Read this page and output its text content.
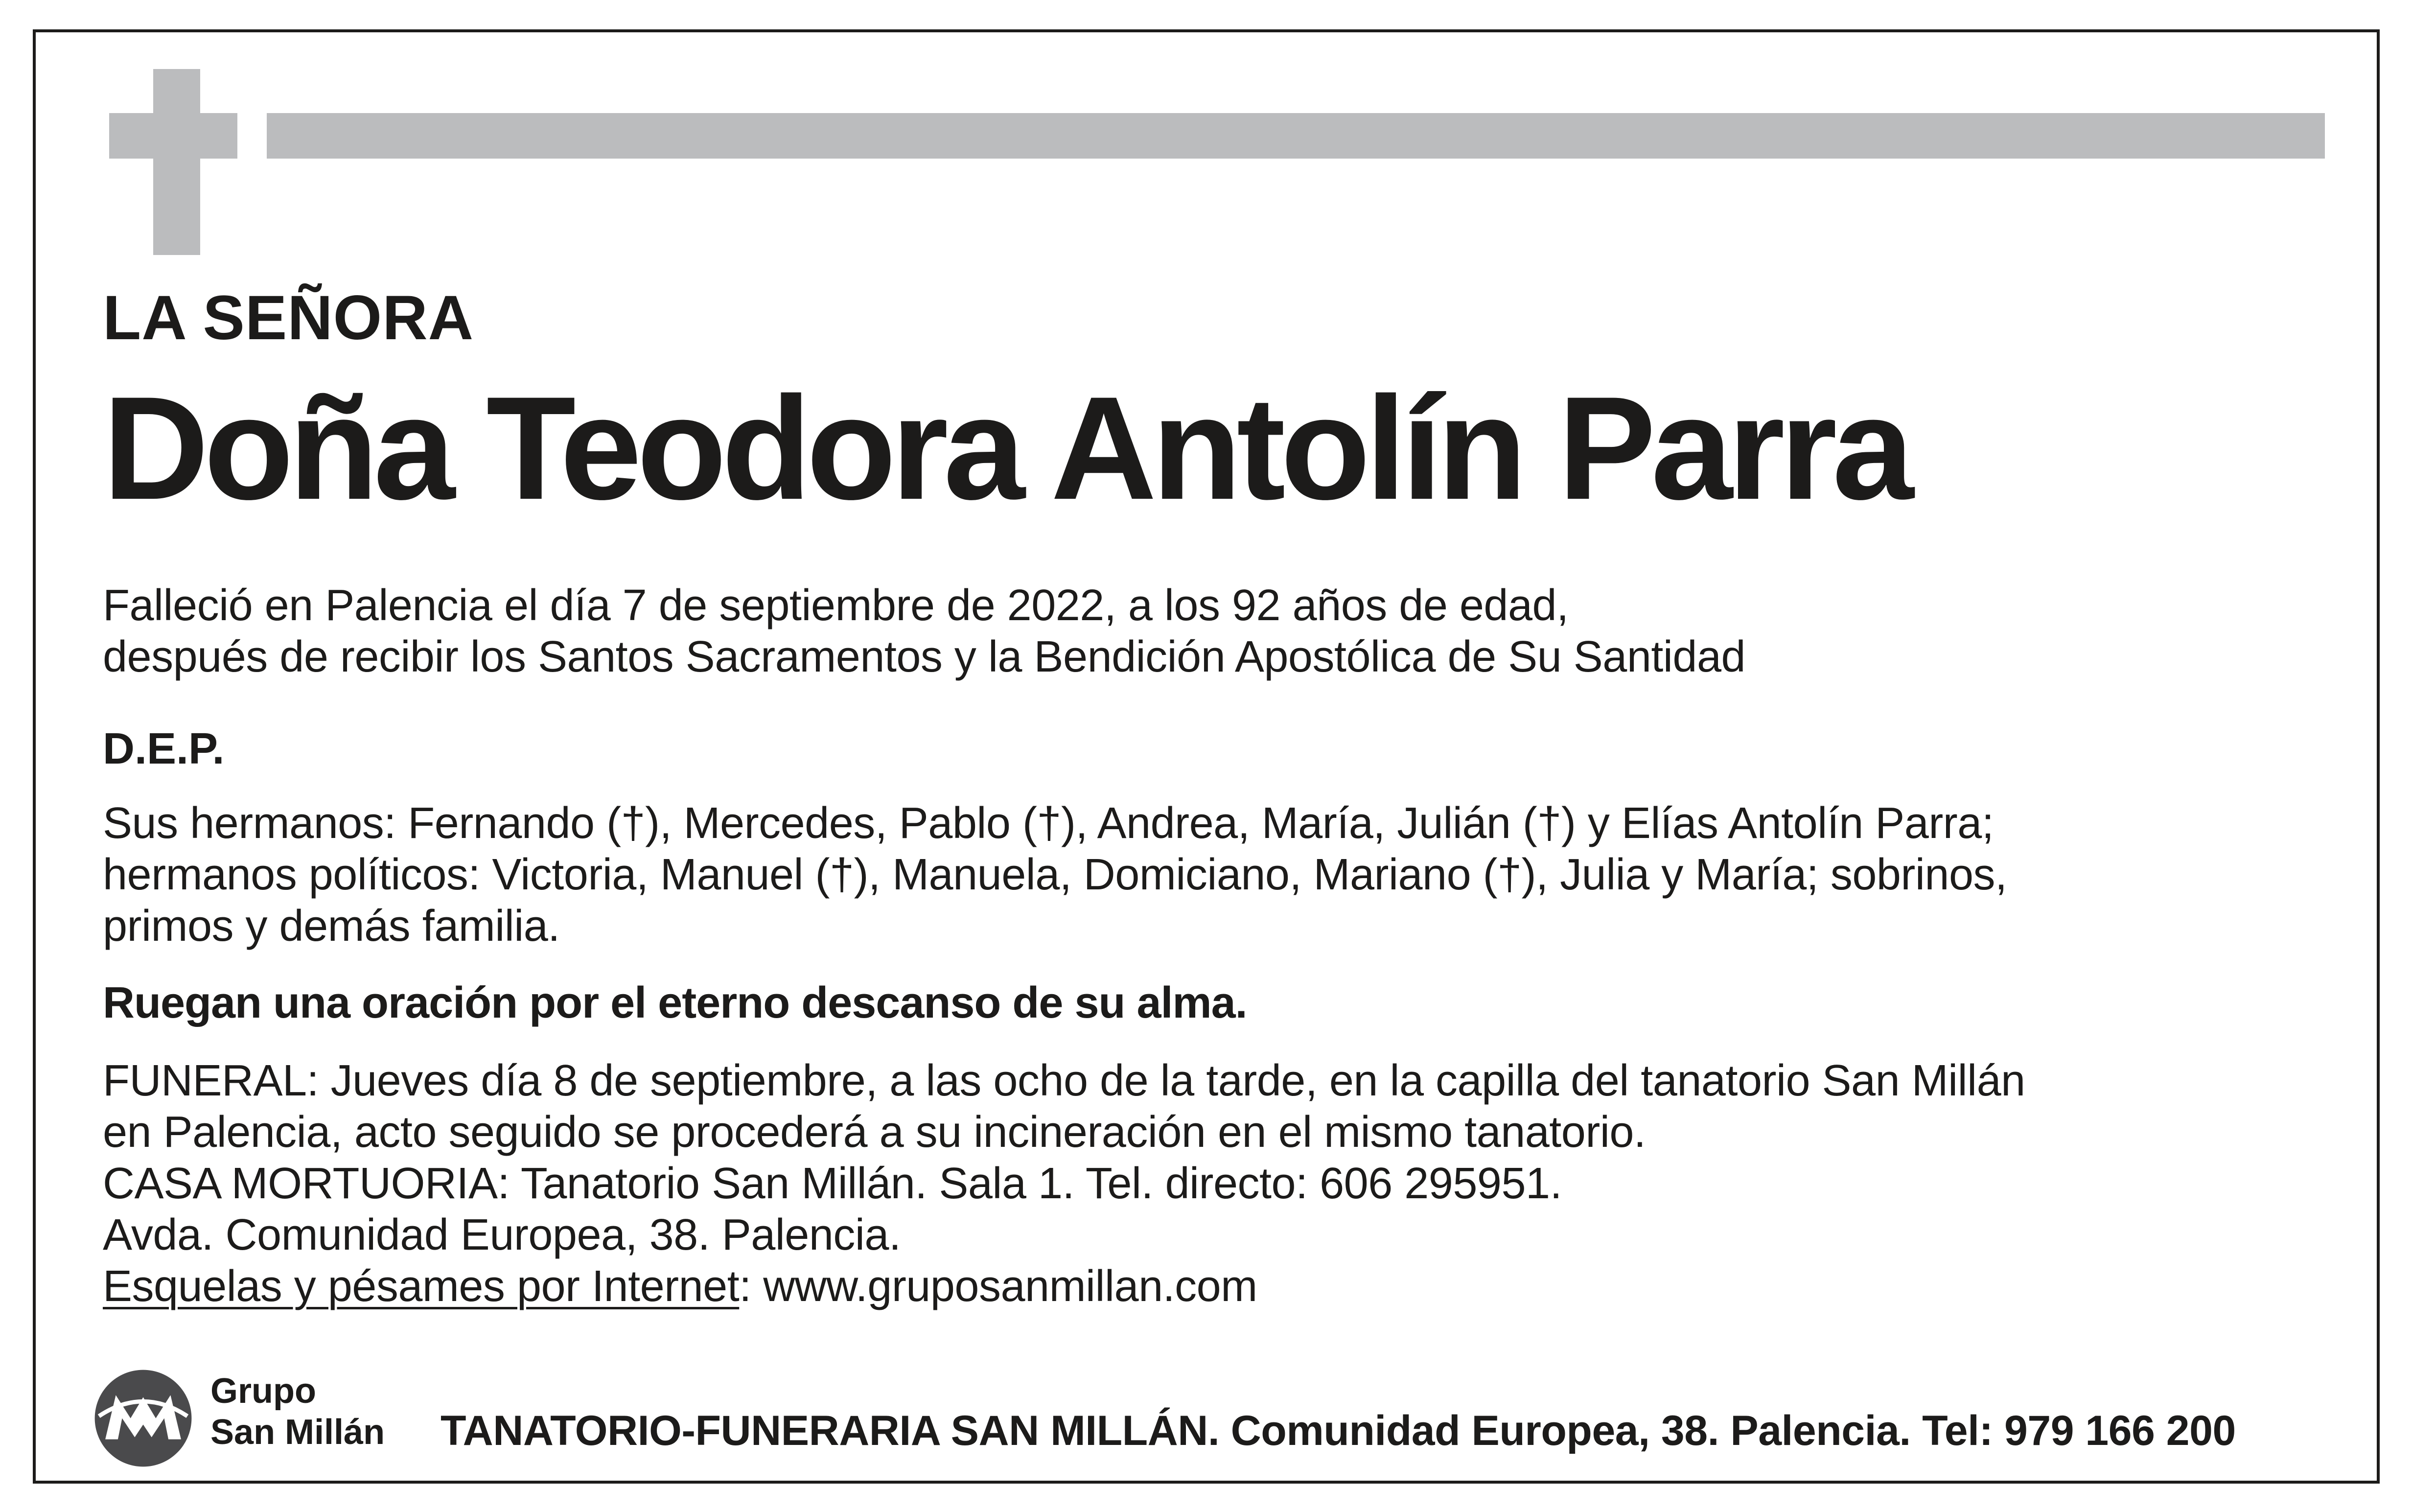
LA SEÑORA

Doña Teodora Antolín Parra

Falleció en Palencia el día 7 de septiembre de 2022, a los 92 años de edad,
después de recibir los Santos Sacramentos y la Bendición Apostólica de Su Santidad

D.E.P.

Sus hermanos: Fernando (†), Mercedes, Pablo (†), Andrea, María, Julián (†) y Elías Antolín Parra;
hermanos políticos: Victoria, Manuel (†), Manuela, Domiciano, Mariano (†), Julia y María; sobrinos,
primos y demás familia.

Ruegan una oración por el eterno descanso de su alma.

FUNERAL: Jueves día 8 de septiembre, a las ocho de la tarde, en la capilla del tanatorio San Millán
en Palencia, acto seguido se procederá a su incineración en el mismo tanatorio.
CASA MORTUORIA: Tanatorio San Millán. Sala 1. Tel. directo: 606 295951.
Avda. Comunidad Europea, 38. Palencia.
Esquelas y pésames por Internet: www.gruposanmillan.com

Grupo
San Millán TANATORIO-FUNERARIA SAN MILLÁN. Comunidad Europea, 38. Palencia. Tel: 979 166 200
